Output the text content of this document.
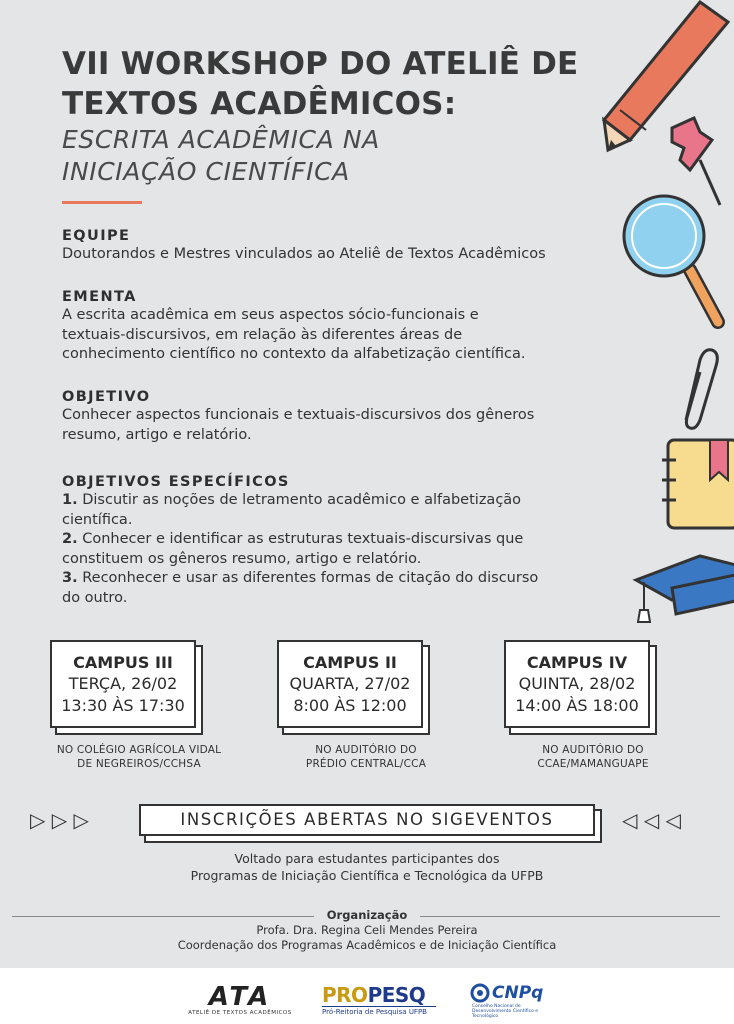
VII WORKSHOP DO ATELIÊ DE
TEXTOS ACADÊMICOS:
ESCRITA ACADÊMICA NA
INICIAÇÃO CIENTÍFICA
EQUIPE
Doutorandos e Mestres vinculados ao Ateliê de Textos Acadêmicos
EMENTA
A escrita acadêmica em seus aspectos sócio-funcionais e
textuais-discursivos, em relação às diferentes áreas de
conhecimento científico no contexto da alfabetização científica.
OBJETIVO
Conhecer aspectos funcionais e textuais-discursivos dos gêneros
resumo, artigo e relatório.
OBJETIVOS ESPECÍFICOS
1. Discutir as noções de letramento acadêmico e alfabetização
científica.
2. Conhecer e identificar as estruturas textuais-discursivas que
constituem os gêneros resumo, artigo e relatório.
3. Reconhecer e usar as diferentes formas de citação do discurso
do outro.
CAMPUS III
TERÇA, 26/02
13:30 ÀS 17:30
NO COLÉGIO AGRÍCOLA VIDAL
DE NEGREIROS/CCHSA
CAMPUS II
QUARTA, 27/02
8:00 ÀS 12:00
NO AUDITÓRIO DO
PRÉDIO CENTRAL/CCA
CAMPUS IV
QUINTA, 28/02
14:00 ÀS 18:00
NO AUDITÓRIO DO
CCAE/MAMANGUAPE
▷ ▷ ▷	INSCRIÇÕES ABERTAS NO SIGEVENTOS	◁ ◁ ◁
Voltado para estudantes participantes dos
Programas de Iniciação Científica e Tecnológica da UFPB
Organização
Profa. Dra. Regina Celi Mendes Pereira
Coordenação dos Programas Acadêmicos e de Iniciação Científica
ATA
ATELIÊ DE TEXTOS ACADÊMICOS
PROPESQ
Pró-Reitoria de Pesquisa UFPB
CNPq
Conselho Nacional de Desenvolvimento Científico e Tecnológico
